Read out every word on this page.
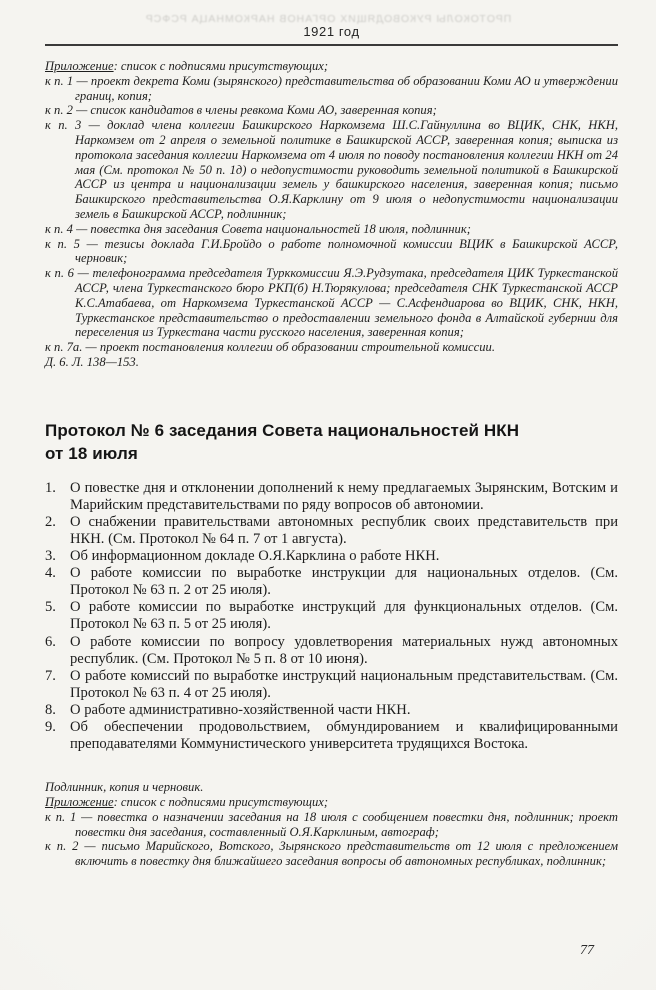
ПРОТОКОЛЫ РУКОВОДЯЩИХ ОРГАНОВ НАРКОМНАЦА РСФСР
1921 год

Приложение: список с подписями присутствующих;

к п. 1 — проект декрета Коми (зырянского) представительства об образовании Коми АО и утверждении границ, копия;

к п. 2 — список кандидатов в члены ревкома Коми АО, заверенная копия;

к п. 3 — доклад члена коллегии Башкирского Наркомзема Ш.С.Гайнуллина во ВЦИК, СНК, НКН, Наркомзем от 2 апреля о земельной политике в Башкирской АССР, заверенная копия; выписка из протокола заседания коллегии Наркомзема от 4 июля по поводу постановления коллегии НКН от 24 мая (См. протокол № 50 п. 1д) о недопустимости руководить земельной политикой в Башкирской АССР из центра и национализации земель у башкирского населения, заверенная копия; письмо Башкирского представительства О.Я.Карклину от 9 июля о недопустимости национализации земель в Башкирской АССР, подлинник;

к п. 4 — повестка дня заседания Совета национальностей 18 июля, подлинник;

к п. 5 — тезисы доклада Г.И.Бройдо о работе полномочной комиссии ВЦИК в Башкирской АССР, черновик;

к п. 6 — телефонограмма председателя Турккомиссии Я.Э.Рудзутака, председателя ЦИК Туркестанской АССР, члена Туркестанского бюро РКП(б) Н.Тюрякулова; председателя СНК Туркестанской АССР К.С.Атабаева, от Наркомзема Туркестанской АССР — С.Асфендиарова во ВЦИК, СНК, НКН, Туркестанское представительство о предоставлении земельного фонда в Алтайской губернии для переселения из Туркестана части русского населения, заверенная копия;

к п. 7а. — проект постановления коллегии об образовании строительной комиссии.

Д. 6. Л. 138—153.

Протокол № 6 заседания Совета национальностей НКН
от 18 июля

1. О повестке дня и отклонении дополнений к нему предлагаемых Зырянским, Вотским и Марийским представительствами по ряду вопросов об автономии.

2. О снабжении правительствами автономных республик своих представительств при НКН. (См. Протокол № 64 п. 7 от 1 августа).

3. Об информационном докладе О.Я.Карклина о работе НКН.

4. О работе комиссии по выработке инструкции для национальных отделов. (См. Протокол № 63 п. 2 от 25 июля).

5. О работе комиссии по выработке инструкций для функциональных отделов. (См. Протокол № 63 п. 5 от 25 июля).

6. О работе комиссии по вопросу удовлетворения материальных нужд автономных республик. (См. Протокол № 5 п. 8 от 10 июня).

7. О работе комиссий по выработке инструкций национальным представительствам. (См. Протокол № 63 п. 4 от 25 июля).

8. О работе административно-хозяйственной части НКН.

9. Об обеспечении продовольствием, обмундированием и квалифицированными преподавателями Коммунистического университета трудящихся Востока.

Подлинник, копия и черновик.

Приложение: список с подписями присутствующих;

к п. 1 — повестка о назначении заседания на 18 июля с сообщением повестки дня, подлинник; проект повестки дня заседания, составленный О.Я.Карклиным, автограф;

к п. 2 — письмо Марийского, Вотского, Зырянского представительств от 12 июля с предложением включить в повестку дня ближайшего заседания вопросы об автономных республиках, подлинник;

77
